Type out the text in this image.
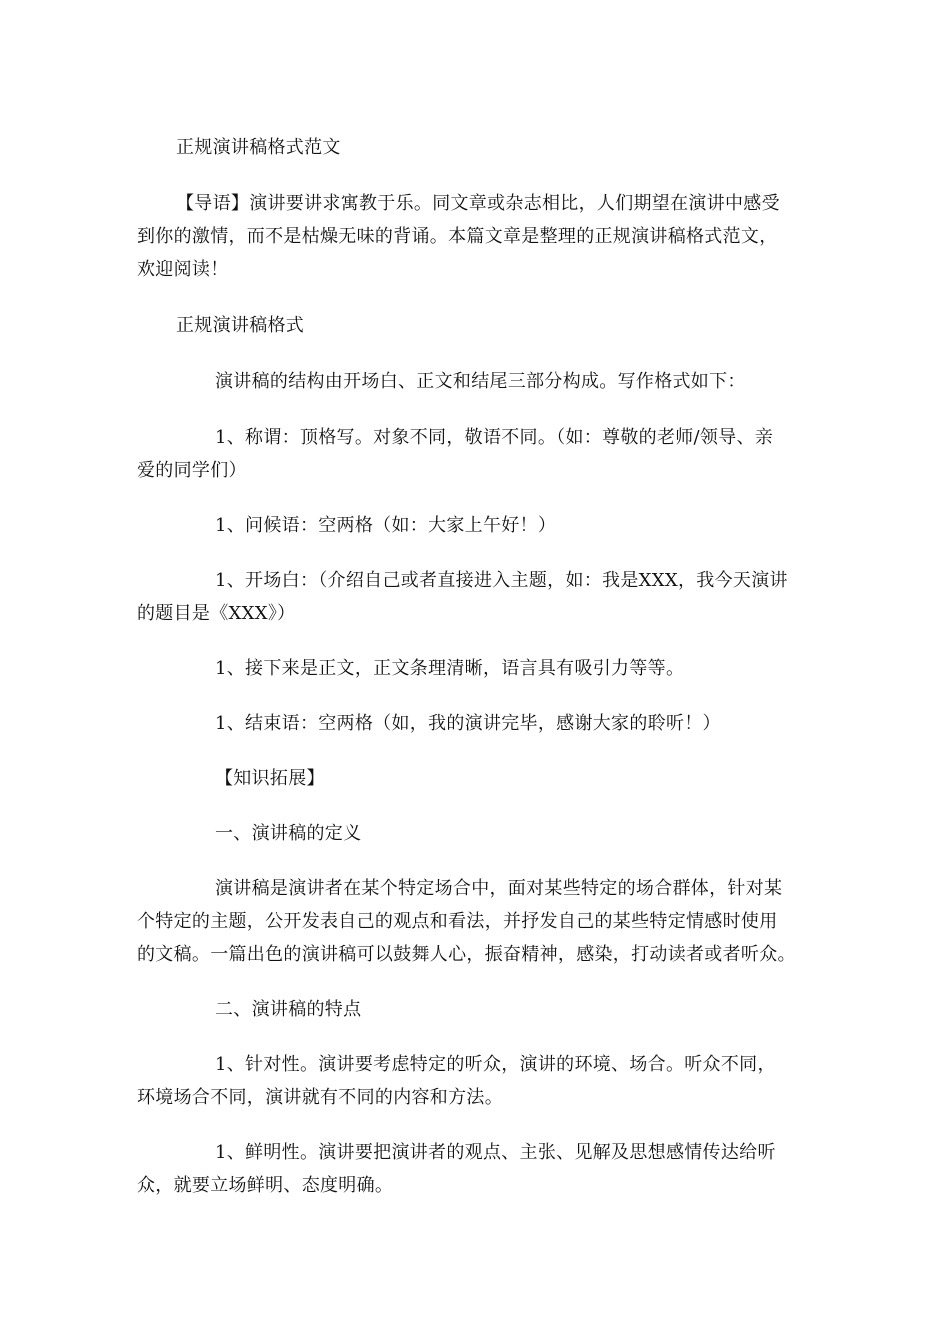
正规演讲稿格式范文
【导语】演讲要讲求寓教于乐。同文章或杂志相比，人们期望在演讲中感受
到你的激情，而不是枯燥无味的背诵。本篇文章是整理的正规演讲稿格式范文，
欢迎阅读！
正规演讲稿格式
演讲稿的结构由开场白、正文和结尾三部分构成。写作格式如下：
1、称谓：顶格写。对象不同，敬语不同。（如：尊敬的老师/领导、亲
爱的同学们）
1、问候语：空两格（如：大家上午好！）
1、开场白：（介绍自己或者直接进入主题，如：我是XXX，我今天演讲
的题目是《XXX》）
1、接下来是正文，正文条理清晰，语言具有吸引力等等。
1、结束语：空两格（如，我的演讲完毕，感谢大家的聆听！）
【知识拓展】
一、演讲稿的定义
演讲稿是演讲者在某个特定场合中，面对某些特定的场合群体，针对某
个特定的主题，公开发表自己的观点和看法，并抒发自己的某些特定情感时使用
的文稿。一篇出色的演讲稿可以鼓舞人心，振奋精神，感染，打动读者或者听众。
二、演讲稿的特点
1、针对性。演讲要考虑特定的听众，演讲的环境、场合。听众不同，
环境场合不同，演讲就有不同的内容和方法。
1、鲜明性。演讲要把演讲者的观点、主张、见解及思想感情传达给听
众，就要立场鲜明、态度明确。
